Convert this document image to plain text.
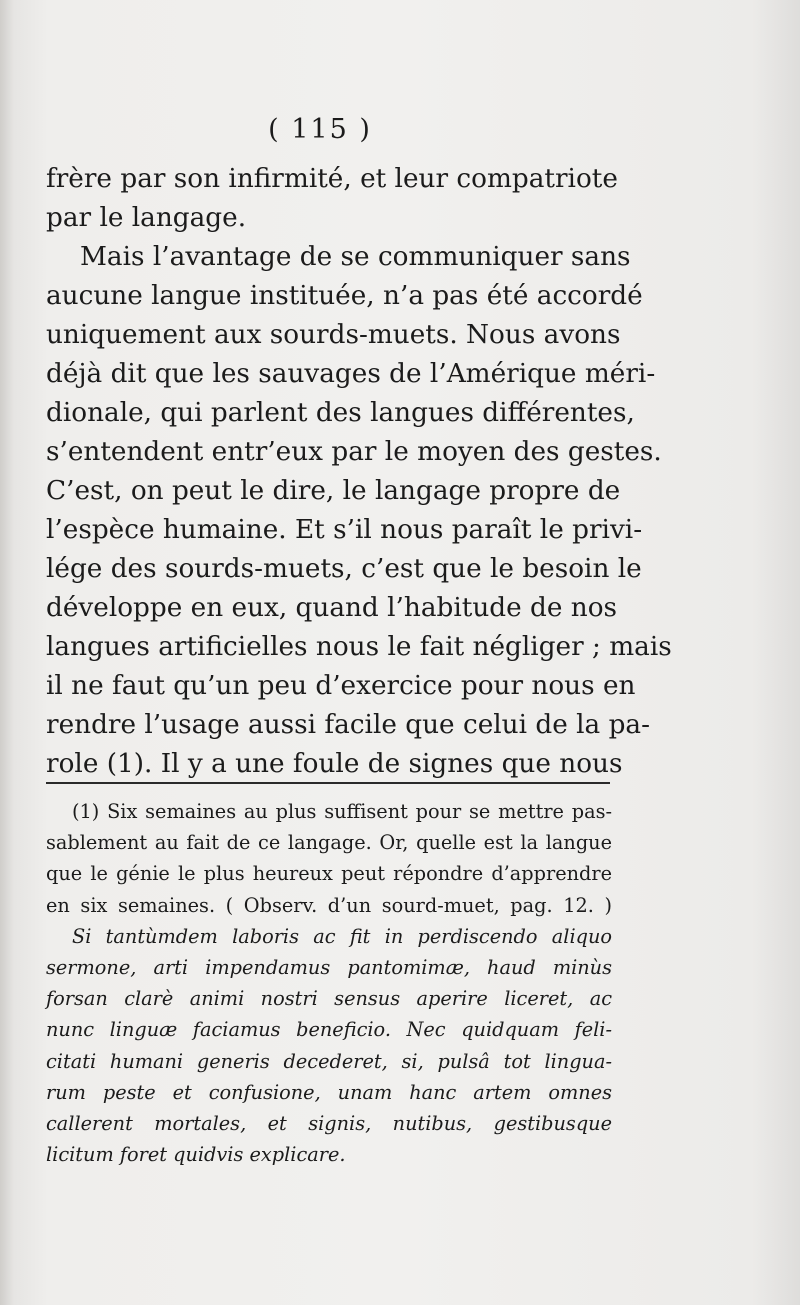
( 115 )
frère par son infirmité, et leur compatriote
par le langage.
Mais l’avantage de se communiquer sans
aucune langue instituée, n’a pas été accordé
uniquement aux sourds-muets. Nous avons
déjà dit que les sauvages de l’Amérique méri-
dionale, qui parlent des langues différentes,
s’entendent entr’eux par le moyen des gestes.
C’est, on peut le dire, le langage propre de
l’espèce humaine. Et s’il nous paraît le privi-
lége des sourds-muets, c’est que le besoin le
développe en eux, quand l’habitude de nos
langues artificielles nous le fait négliger ; mais
il ne faut qu’un peu d’exercice pour nous en
rendre l’usage aussi facile que celui de la pa-
role (1). Il y a une foule de signes que nous
(1) Six semaines au plus suffisent pour se mettre pas-
sablement au fait de ce langage. Or, quelle est la langue
que le génie le plus heureux peut répondre d’apprendre
en six semaines. ( Observ. d’un sourd-muet, pag. 12. )
Si tantùmdem laboris ac fit in perdiscendo aliquo
sermone, arti impendamus pantomimæ, haud minùs
forsan clarè animi nostri sensus aperire liceret, ac
nunc linguæ faciamus beneficio. Nec quidquam feli-
citati humani generis decederet, si, pulsâ tot lingua-
rum peste et confusione, unam hanc artem omnes
callerent mortales, et signis, nutibus, gestibusque
licitum foret quidvis explicare.
